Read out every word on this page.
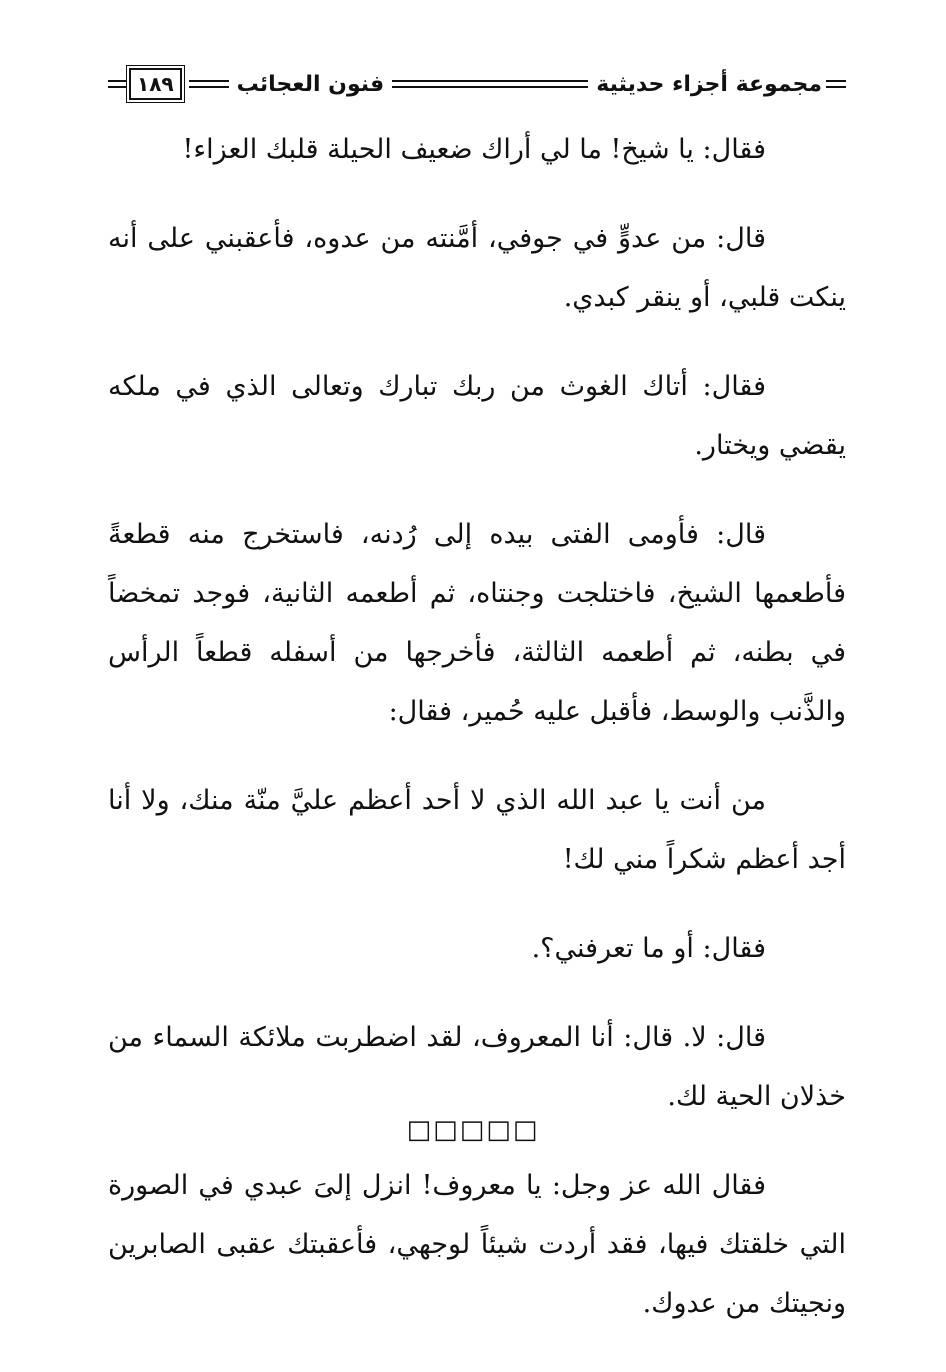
مجموعة أجزاء حديثية
فنون العجائب
١٨٩

فقال: يا شيخ! ما لي أراك ضعيف الحيلة قلبك العزاء!

قال: من عدوٍّ في جوفي، أمَّنته من عدوه، فأعقبني على أنه ينكت قلبي، أو ينقر كبدي.

فقال: أتاك الغوث من ربك تبارك وتعالى الذي في ملكه يقضي ويختار.

قال: فأومى الفتى بيده إلى رُدنه، فاستخرج منه قطعةً فأطعمها الشيخ، فاختلجت وجنتاه، ثم أطعمه الثانية، فوجد تمخضاً في بطنه، ثم أطعمه الثالثة، فأخرجها من أسفله قطعاً الرأس والذَّنب والوسط، فأقبل عليه حُمير، فقال:

من أنت يا عبد الله الذي لا أحد أعظم عليَّ منّة منك، ولا أنا أجد أعظم شكراً مني لك!

فقال: أو ما تعرفني؟.

قال: لا. قال: أنا المعروف، لقد اضطربت ملائكة السماء من خذلان الحية لك.

فقال الله عز وجل: يا معروف! انزل إلىَ عبدي في الصورة التي خلقتك فيها، فقد أردت شيئاً لوجهي، فأعقبتك عقبى الصابرين ونجيتك من عدوك.

□□□□□
